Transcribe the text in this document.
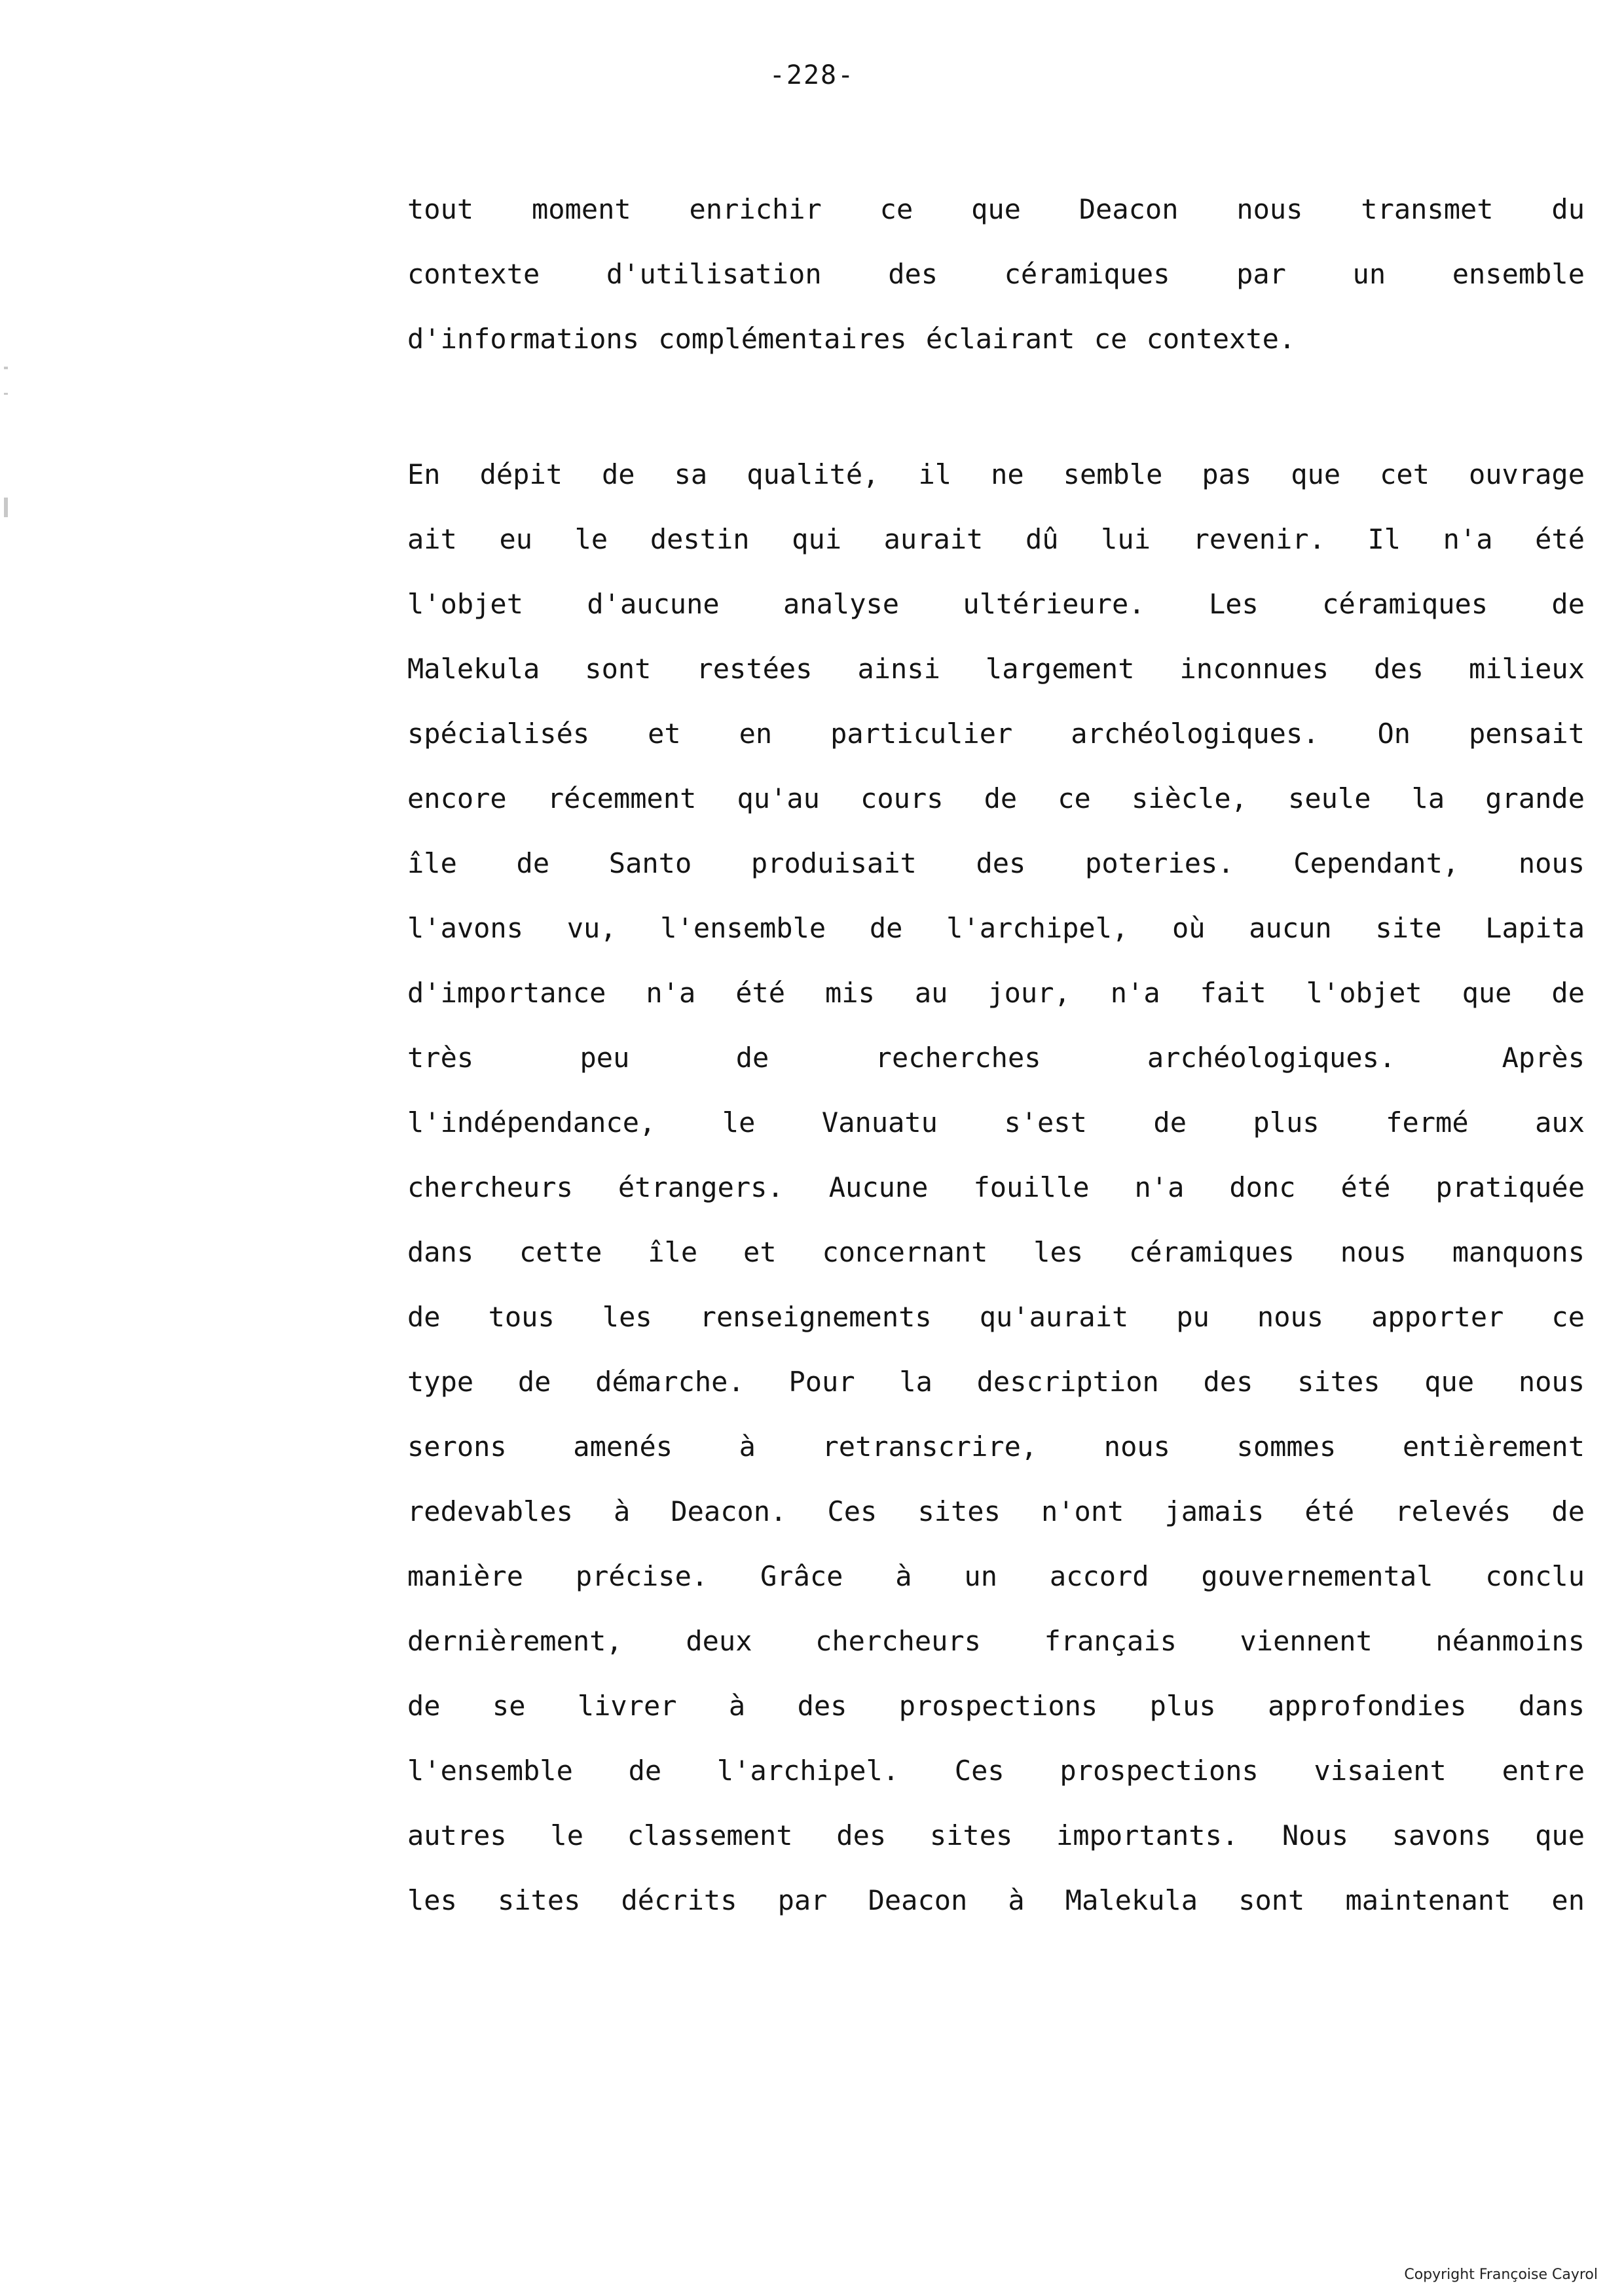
-228-
tout moment enrichir ce que Deacon nous transmet du
contexte d'utilisation des céramiques par un ensemble
d'informations complémentaires éclairant ce contexte.
En dépit de sa qualité, il ne semble pas que cet ouvrage
ait eu le destin qui aurait dû lui revenir. Il n'a été
l'objet d'aucune analyse ultérieure. Les céramiques de
Malekula sont restées ainsi largement inconnues des milieux
spécialisés et en particulier archéologiques. On pensait
encore récemment qu'au cours de ce siècle, seule la grande
île de Santo produisait des poteries. Cependant, nous
l'avons vu, l'ensemble de l'archipel, où aucun site Lapita
d'importance n'a été mis au jour, n'a fait l'objet que de
très peu de recherches archéologiques. Après
l'indépendance, le Vanuatu s'est de plus fermé aux
chercheurs étrangers. Aucune fouille n'a donc été pratiquée
dans cette île et concernant les céramiques nous manquons
de tous les renseignements qu'aurait pu nous apporter ce
type de démarche. Pour la description des sites que nous
serons amenés à retranscrire, nous sommes entièrement
redevables à Deacon. Ces sites n'ont jamais été relevés de
manière précise. Grâce à un accord gouvernemental conclu
dernièrement, deux chercheurs français viennent néanmoins
de se livrer à des prospections plus approfondies dans
l'ensemble de l'archipel. Ces prospections visaient entre
autres le classement des sites importants. Nous savons que
les sites décrits par Deacon à Malekula sont maintenant en
Copyright Françoise Cayrol
